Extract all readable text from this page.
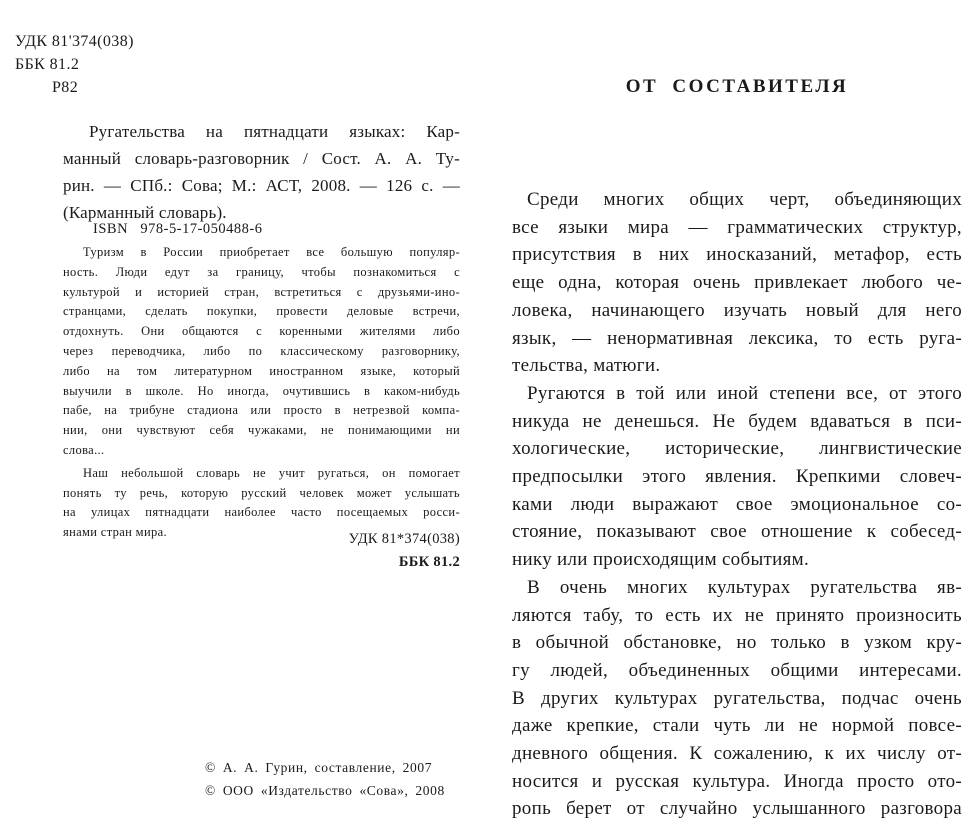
УДК 81'374(038)
ББК 81.2
Р82
Ругательства на пятнадцати языках: Кар-
манный словарь-разговорник / Сост. А. А. Ту-
рин. — СПб.: Сова; М.: АСТ, 2008. — 126 с. —
(Карманный словарь).
ISBN   978-5-17-050488-6
Туризм в России приобретает все большую популяр-
ность. Люди едут за границу, чтобы познакомиться с
культурой и историей стран, встретиться с друзьями-ино-
странцами, сделать покупки, провести деловые встречи,
отдохнуть. Они общаются с коренными жителями либо
через переводчика, либо по классическому разговорнику,
либо на том литературном иностранном языке, который
выучили в школе. Но иногда, очутившись в каком-нибудь
пабе, на трибуне стадиона или просто в нетрезвой компа-
нии, они чувствуют себя чужаками, не понимающими ни
слова...
Наш небольшой словарь не учит ругаться, он помогает
понять ту речь, которую русский человек может услышать
на улицах пятнадцати наиболее часто посещаемых росси-
янами стран мира.	УДК 81*374(038)
ББК 81.2
© А. А. Гурин, составление, 2007
© ООО «Издательство «Сова», 2008
ОТ СОСТАВИТЕЛЯ
Среди многих общих черт, объединяющих
все языки мира — грамматических структур,
присутствия в них иносказаний, метафор, есть
еще одна, которая очень привлекает любого че-
ловека, начинающего изучать новый для него
язык, — ненормативная лексика, то есть руга-
тельства, матюги.
Ругаются в той или иной степени все, от этого
никуда не денешься. Не будем вдаваться в пси-
хологические, исторические, лингвистические
предпосылки этого явления. Крепкими словеч-
ками люди выражают свое эмоциональное со-
стояние, показывают свое отношение к собесед-
нику или происходящим событиям.
В очень многих культурах ругательства яв-
ляются табу, то есть их не принято произносить
в обычной обстановке, но только в узком кру-
гу людей, объединенных общими интересами.
В других культурах ругательства, подчас очень
даже крепкие, стали чуть ли не нормой повсе-
дневного общения. К сожалению, к их числу от-
носится и русская культура. Иногда просто ото-
ропь берет от случайно услышанного разговора
